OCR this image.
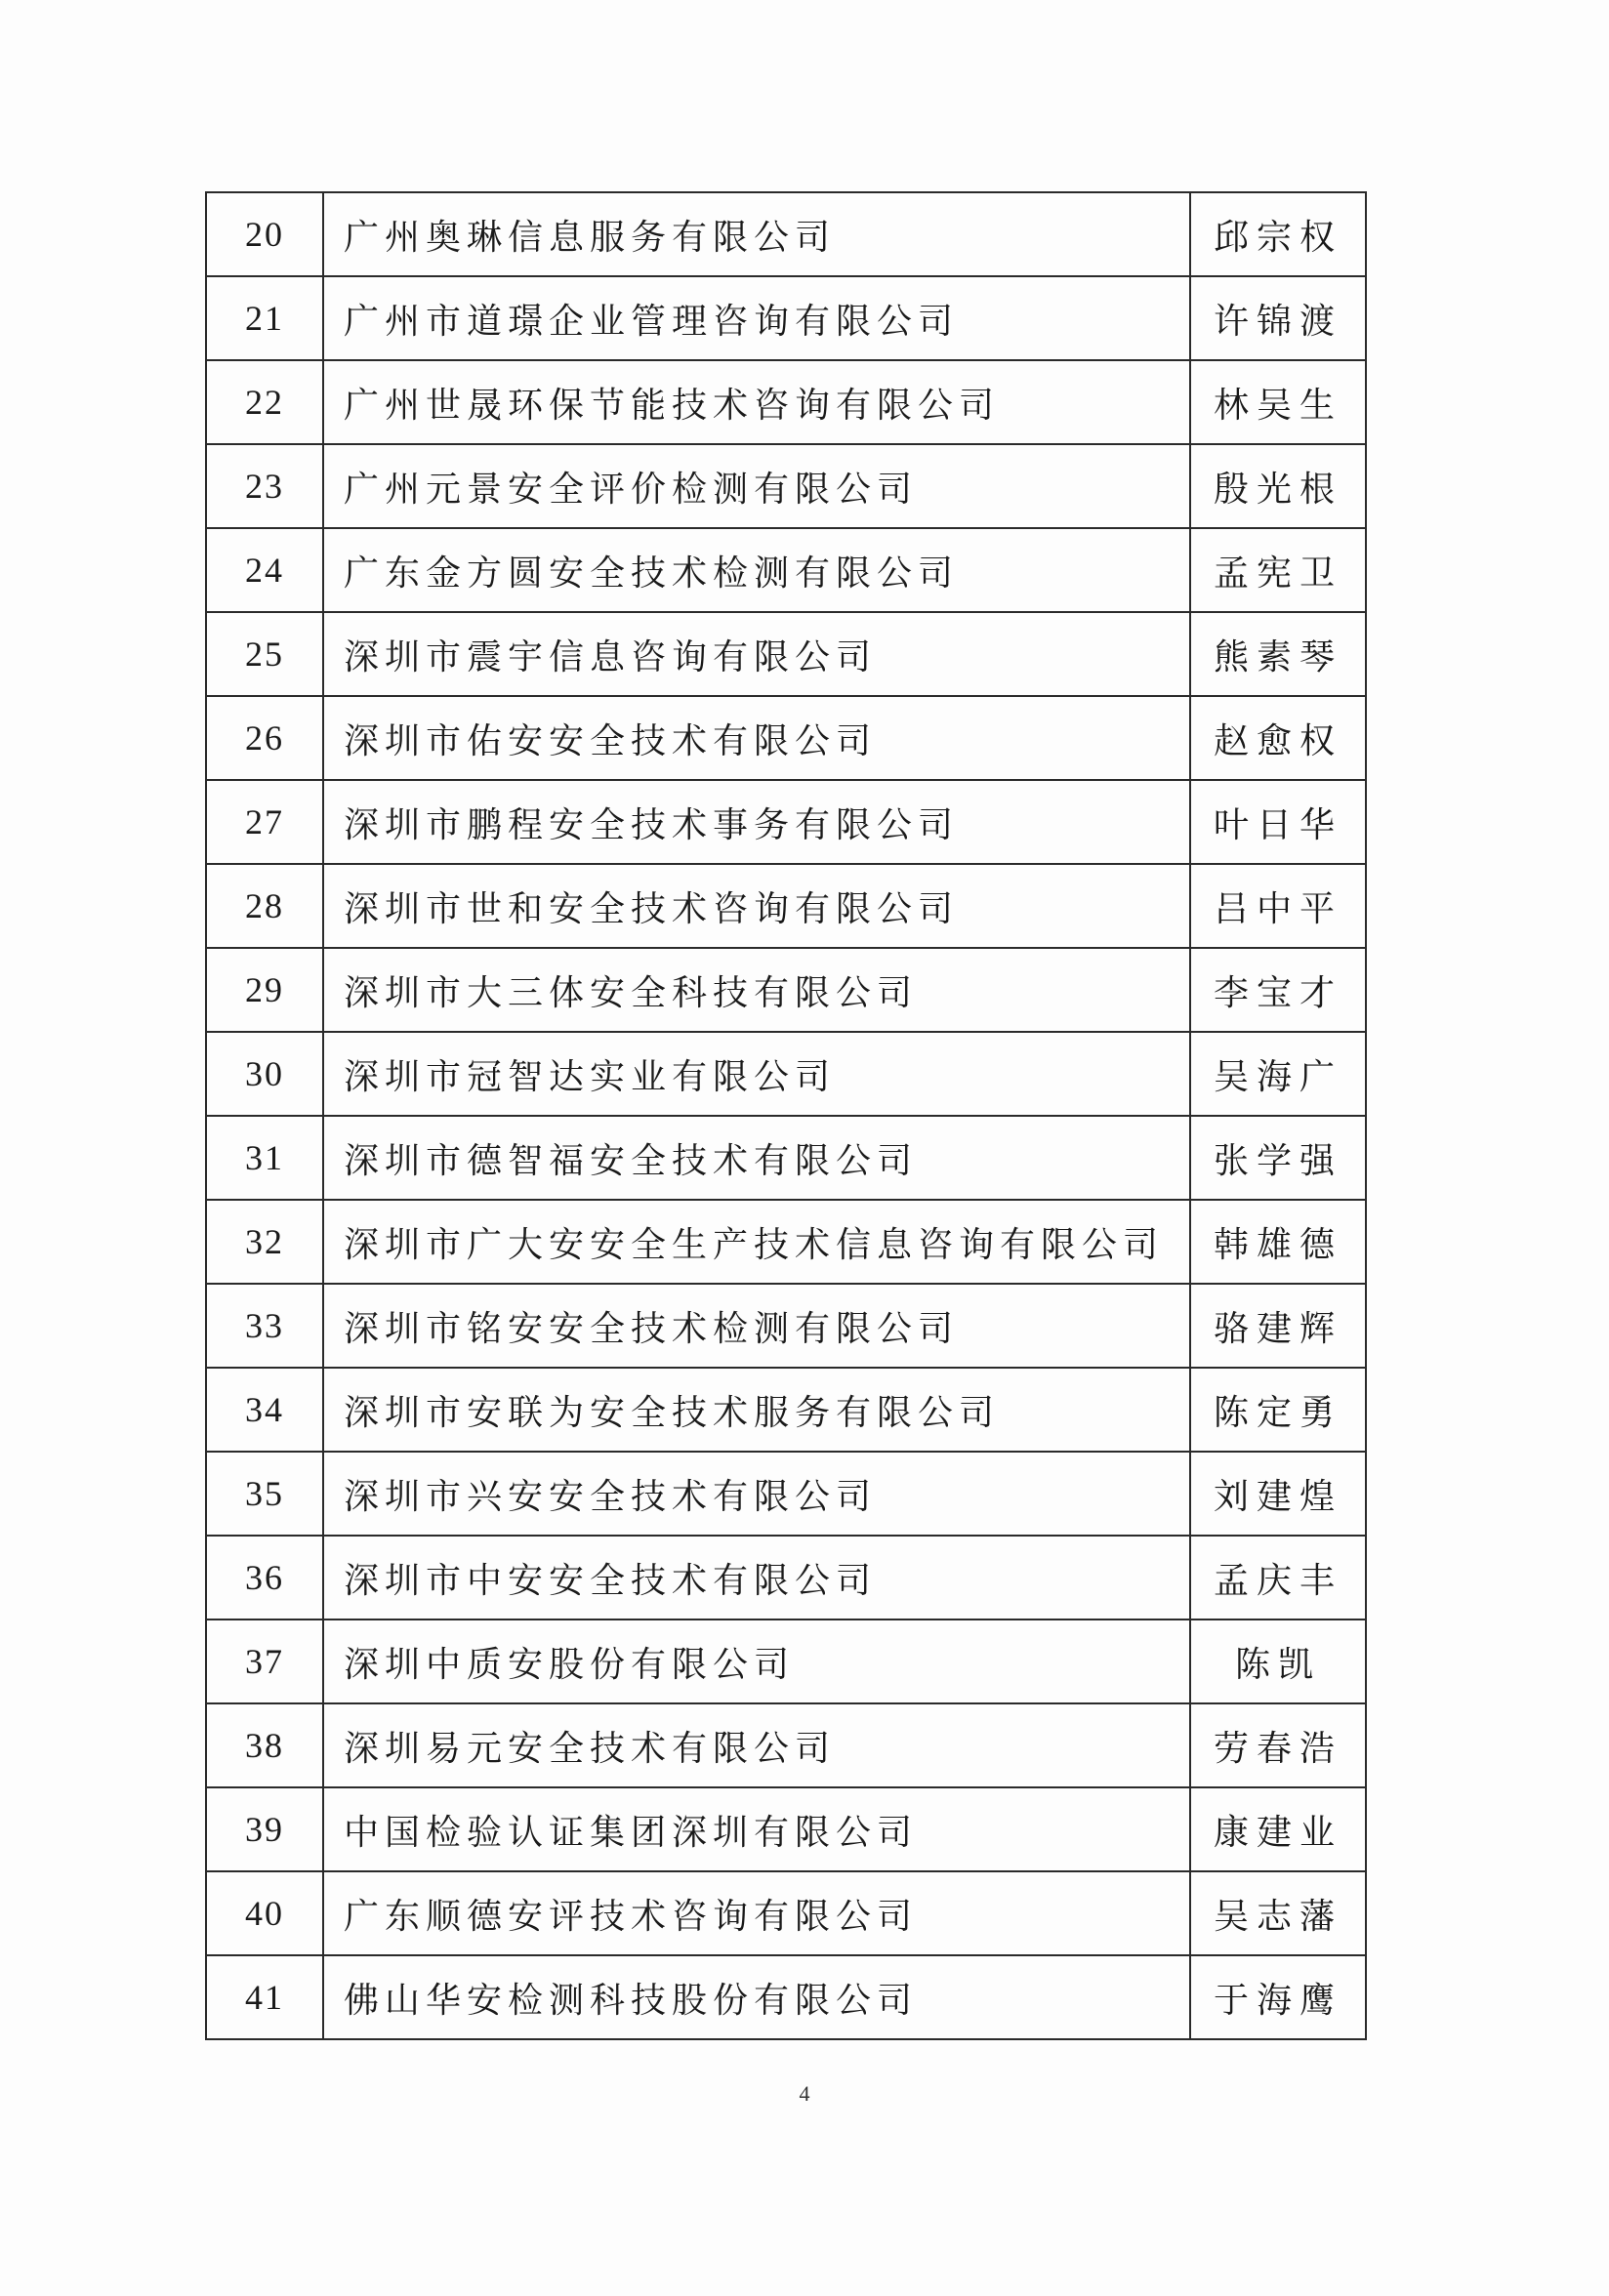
20	广州奥琳信息服务有限公司	邱宗权
21	广州市道璟企业管理咨询有限公司	许锦渡
22	广州世晟环保节能技术咨询有限公司	林吴生
23	广州元景安全评价检测有限公司	殷光根
24	广东金方圆安全技术检测有限公司	孟宪卫
25	深圳市震宇信息咨询有限公司	熊素琴
26	深圳市佑安安全技术有限公司	赵愈权
27	深圳市鹏程安全技术事务有限公司	叶日华
28	深圳市世和安全技术咨询有限公司	吕中平
29	深圳市大三体安全科技有限公司	李宝才
30	深圳市冠智达实业有限公司	吴海广
31	深圳市德智福安全技术有限公司	张学强
32	深圳市广大安安全生产技术信息咨询有限公司	韩雄德
33	深圳市铭安安全技术检测有限公司	骆建辉
34	深圳市安联为安全技术服务有限公司	陈定勇
35	深圳市兴安安全技术有限公司	刘建煌
36	深圳市中安安全技术有限公司	孟庆丰
37	深圳中质安股份有限公司	陈凯
38	深圳易元安全技术有限公司	劳春浩
39	中国检验认证集团深圳有限公司	康建业
40	广东顺德安评技术咨询有限公司	吴志藩
41	佛山华安检测科技股份有限公司	于海鹰
4
